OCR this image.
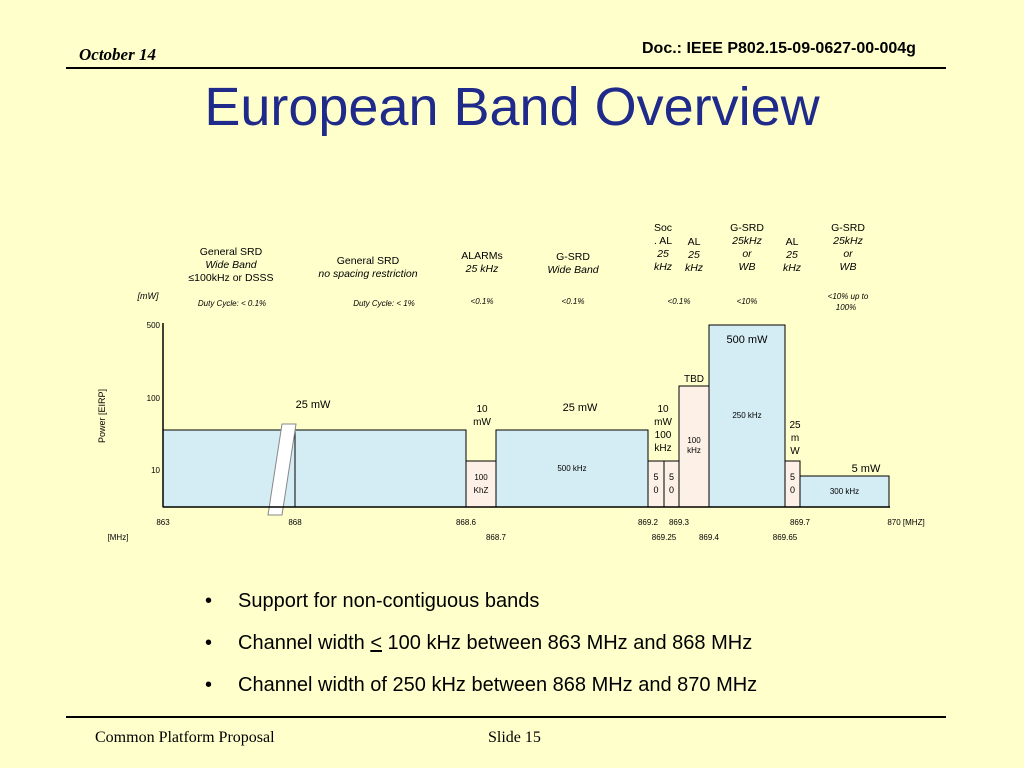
October 14	Doc.: IEEE P802.15-09-0627-00-004g
European Band Overview
25 mW	10
mW
100
KhZ
25 mW
500 kHz
10
mW
100
kHz
5
0
5
0
TBD
100
kHz
500 mW
250 kHz
25
m
W
5
0
5 mW
300 kHz
500
100
10
[mW]
Power [EIRP]
863	868	868.6	869.2 869.3	869.7	870 [MHZ]
868.7	869.25	869.4	869.65
[MHz]
General SRD
Wide Band
≤100kHz or DSSS
Duty Cycle: < 0.1%
General SRD
no spacing restriction
Duty Cycle: < 1%
ALARMs
25 kHz
<0.1%
G-SRD
Wide Band
<0.1%
Soc
. AL
25
kHz
<0.1%
AL
25
kHz
G-SRD
25kHz
or
WB
<10%
AL
25
kHz
G-SRD
25kHz
or
WB
<10% up to
100%
• Support for non-contiguous bands
• Channel width < 100 kHz between 863 MHz and 868 MHz
• Channel width of 250 kHz between 868 MHz and 870 MHz
Common Platform Proposal	Slide 15
